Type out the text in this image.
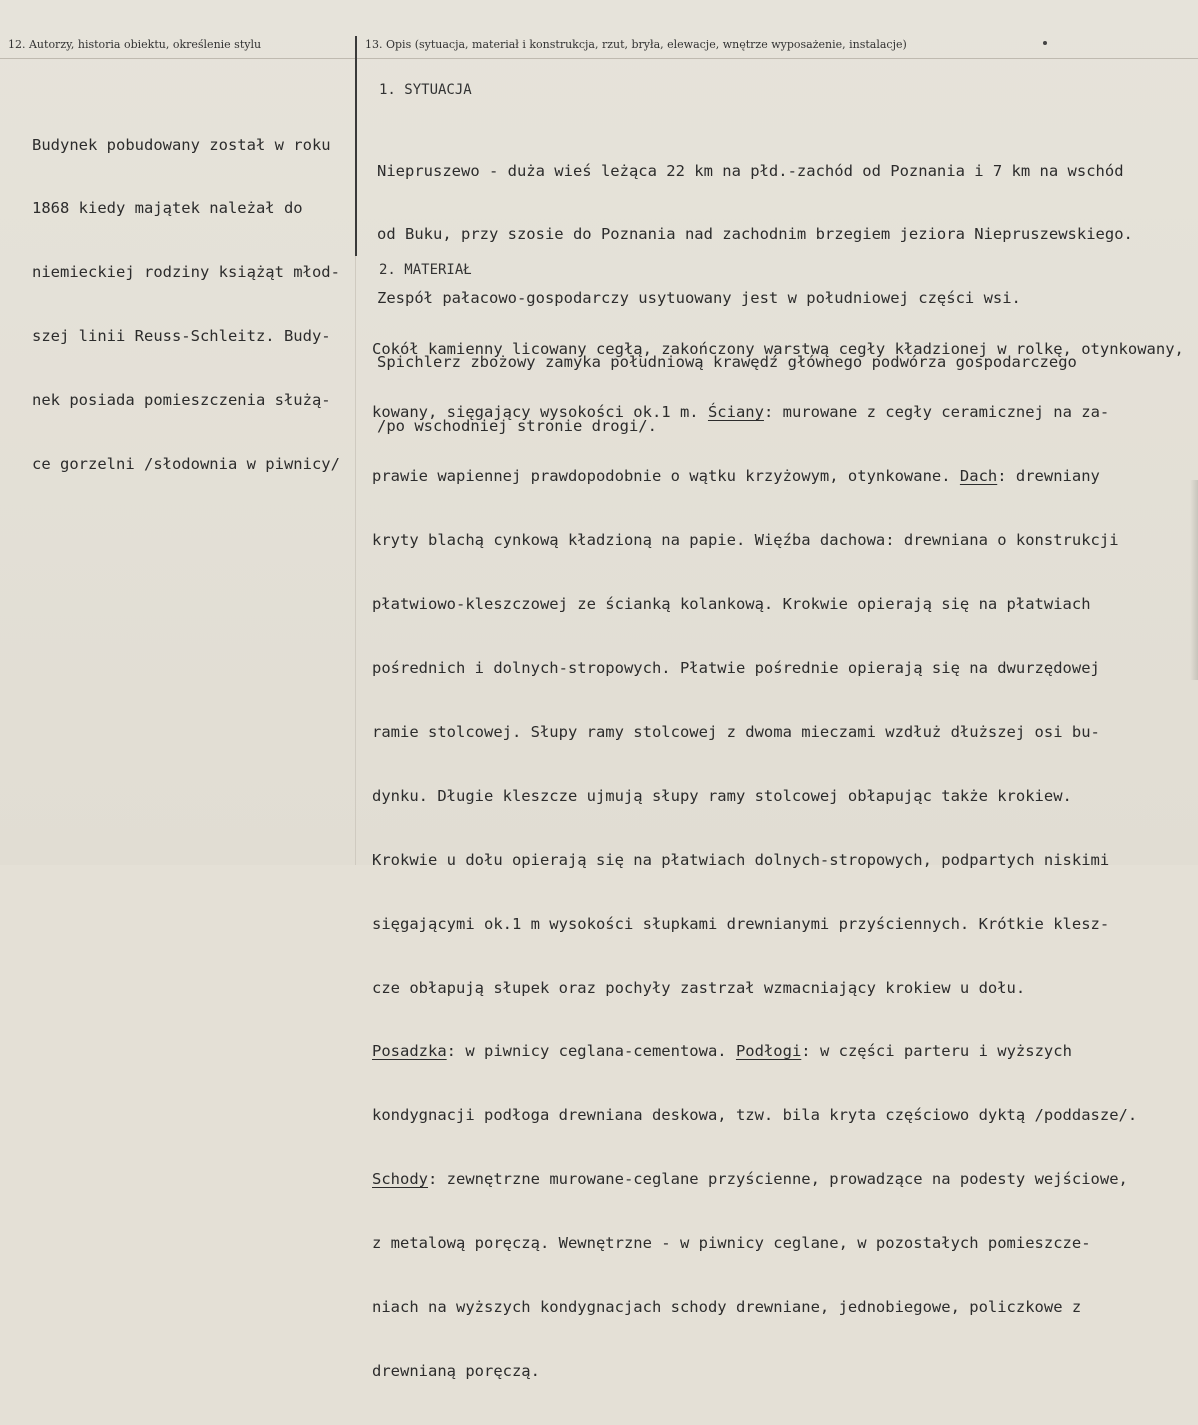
12. Autorzy, historia obiektu, określenie stylu	13. Opis (sytuacja, materiał i konstrukcja, rzut, bryła, elewacje, wnętrze wyposażenie, instalacje)

Budynek pobudowany został w roku

1868 kiedy majątek należał do

niemieckiej rodziny książąt młod-

szej linii Reuss-Schleitz. Budy-

nek posiada pomieszczenia służą-

ce gorzelni /słodownia w piwnicy/

1. SYTUACJA

Niepruszewo - duża wieś leżąca 22 km na płd.-zachód od Poznania i 7 km na wschód

od Buku, przy szosie do Poznania nad zachodnim brzegiem jeziora Niepruszewskiego.

Zespół pałacowo-gospodarczy usytuowany jest w południowej części wsi.

Spichlerz zbożowy zamyka południową krawędź głównego podwórza gospodarczego

/po wschodniej stronie drogi/.

2. MATERIAŁ

Cokół kamienny licowany cegłą, zakończony warstwą cegły kładzionej w rolkę, otynkowany,

kowany, sięgający wysokości ok.1 m. Ściany: murowane z cegły ceramicznej na za-

prawie wapiennej prawdopodobnie o wątku krzyżowym, otynkowane. Dach: drewniany

kryty blachą cynkową kładzioną na papie. Więźba dachowa: drewniana o konstrukcji

płatwiowo-kleszczowej ze ścianką kolankową. Krokwie opierają się na płatwiach

pośrednich i dolnych-stropowych. Płatwie pośrednie opierają się na dwurzędowej

ramie stolcowej. Słupy ramy stolcowej z dwoma mieczami wzdłuż dłuższej osi bu-

dynku. Długie kleszcze ujmują słupy ramy stolcowej obłapując także krokiew.

Krokwie u dołu opierają się na płatwiach dolnych-stropowych, podpartych niskimi

sięgającymi ok.1 m wysokości słupkami drewnianymi przyściennych. Krótkie klesz-

cze obłapują słupek oraz pochyły zastrzał wzmacniający krokiew u dołu.

Posadzka: w piwnicy ceglana-cementowa. Podłogi: w części parteru i wyższych

kondygnacji podłoga drewniana deskowa, tzw. bila kryta częściowo dyktą /poddasze/.

Schody: zewnętrzne murowane-ceglane przyścienne, prowadzące na podesty wejściowe,

z metalową poręczą. Wewnętrzne - w piwnicy ceglane, w pozostałych pomieszcze-

niach na wyższych kondygnacjach schody drewniane, jednobiegowe, policzkowe z

drewnianą poręczą.
